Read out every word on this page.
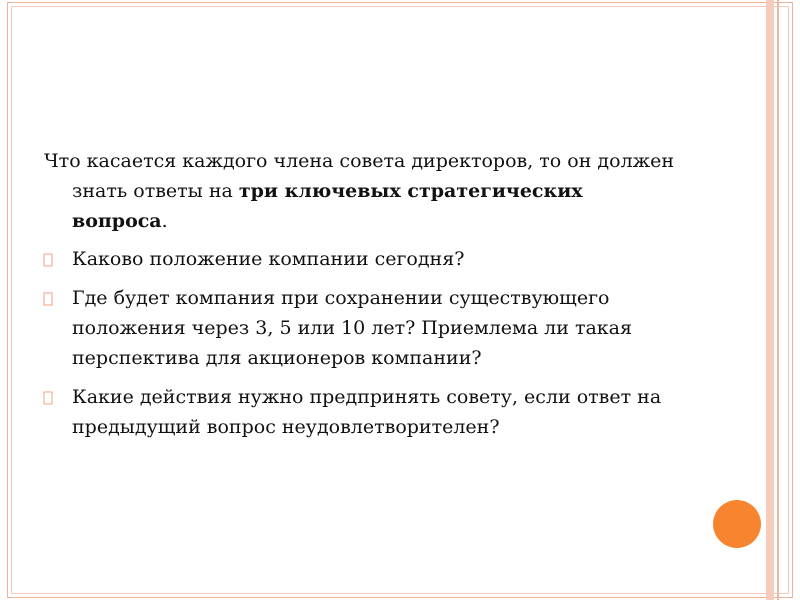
Что касается каждого члена совета директоров, то он должен знать ответы на три ключевых стратегических вопроса.

Каково положение компании сегодня?
Где будет компания при сохранении существующего положения через 3, 5 или 10 лет? Приемлема ли такая перспектива для акционеров компании?
Какие действия нужно предпринять совету, если ответ на предыдущий вопрос неудовлетворителен?
